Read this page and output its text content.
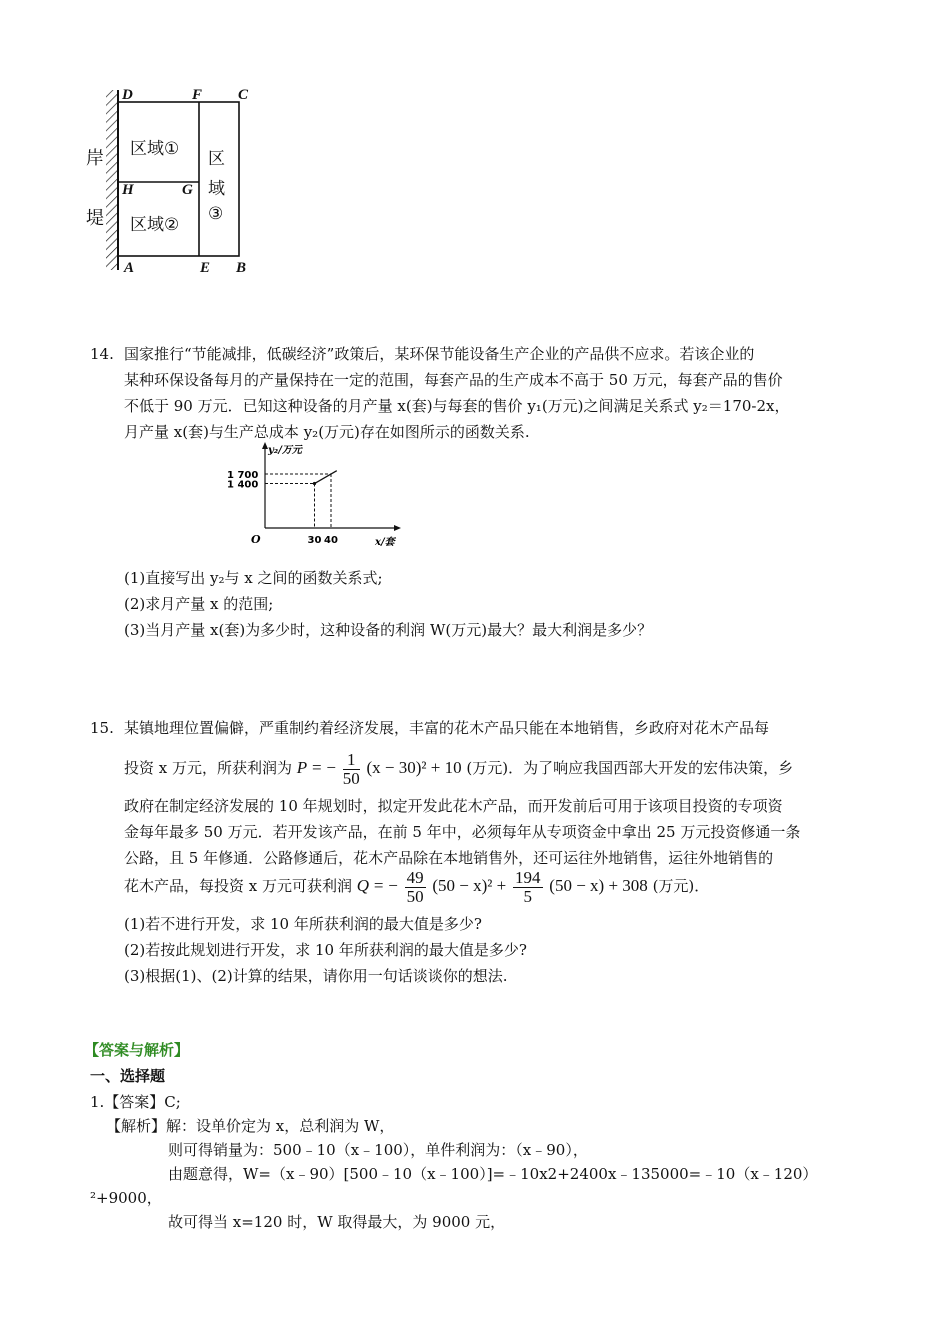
D	F C
H	G
A	E B
区域①
区域②
区
域
③
岸
堤
14. 国家推行“节能减排，低碳经济”政策后，某环保节能设备生产企业的产品供不应求。若该企业的
某种环保设备每月的产量保持在一定的范围，每套产品的生产成本不高于 50 万元，每套产品的售价
不低于 90 万元．已知这种设备的月产量 x(套)与每套的售价 y₁(万元)之间满足关系式 y₂＝170-2x，
月产量 x(套)与生产总成本 y₂(万元)存在如图所示的函数关系.
y₂/万元
x/套
O	30 40
1 400
1 700
(1)直接写出 y₂与 x 之间的函数关系式;
(2)求月产量 x 的范围;
(3)当月产量 x(套)为多少时，这种设备的利润 W(万元)最大？最大利润是多少？
15. 某镇地理位置偏僻，严重制约着经济发展，丰富的花木产品只能在本地销售，乡政府对花木产品每
投资 x 万元，所获利润为 P = − $\frac{1}{50} (x - 30)^2 + 10$ (万元)．为了响应我国西部大开发的宏伟决策，乡
政府在制定经济发展的 10 年规划时，拟定开发此花木产品，而开发前后可用于该项目投资的专项资
金每年最多 50 万元．若开发该产品，在前 5 年中，必须每年从专项资金中拿出 25 万元投资修通一条
公路，且 5 年修通．公路修通后，花木产品除在本地销售外，还可运往外地销售，运往外地销售的
花木产品，每投资 x 万元可获利润 Q = − $\frac{49}{50} (50 - x)^2 + \frac{194}{5} (50 - x) + 308$ (万元)．
(1)若不进行开发，求 10 年所获利润的最大值是多少?
(2)若按此规划进行开发，求 10 年所获利润的最大值是多少?
(3)根据(1)、(2)计算的结果，请你用一句话谈谈你的想法.
【答案与解析】
一、选择题
1.【答案】C;
【解析】解：设单价定为 x，总利润为 W，
则可得销量为：500﹣10（x﹣100），单件利润为：（x﹣90），
由题意得，W=（x﹣90）[500﹣10（x﹣100）]=﹣10x2+2400x﹣135000=﹣10（x﹣120）
²+9000，
故可得当 x=120 时，W 取得最大，为 9000 元，
